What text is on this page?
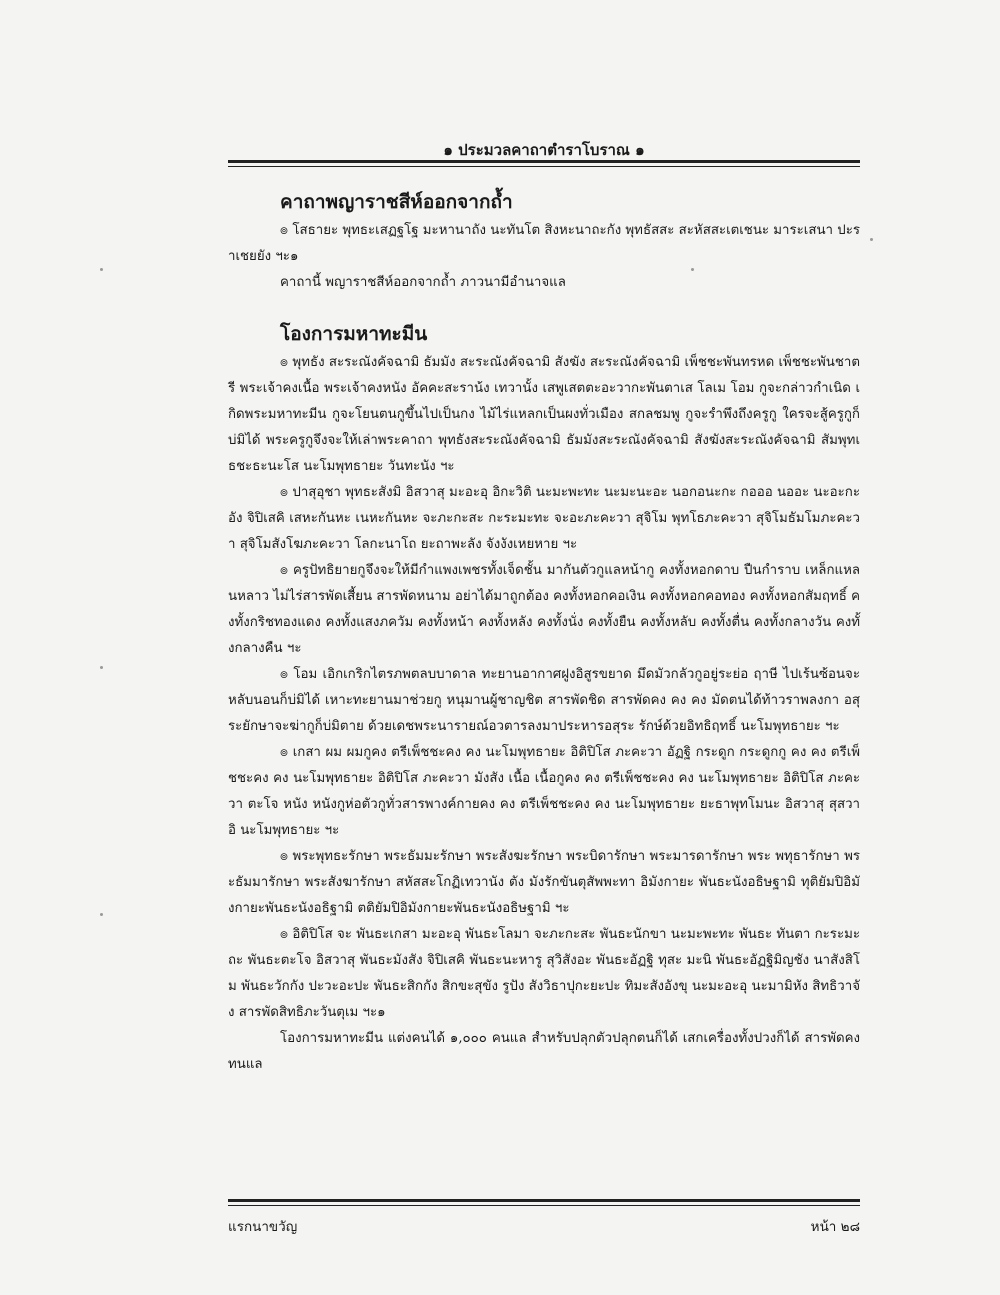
๑ ประมวลคาถาตำราโบราณ ๑
คาถาพญาราชสีห์ออกจากถ้ำ

๏ โสธายะ พุทธะเสฏฐโฐ มะหานาถัง นะทันโต สิงหะนาถะกัง พุทธัสสะ สะหัสสะเตเชนะ มาระเสนา ปะราเชยยัง ฯะ๑

คาถานี้ พญาราชสีห์ออกจากถ้ำ ภาวนามีอำนาจแล

โองการมหาทะมีน

๏ พุทธัง สะระณังคัจฉามิ ธัมมัง สะระณังคัจฉามิ สังฆัง สะระณังคัจฉามิ เพ็ชชะพันทรหด เพ็ชชะพันชาตรี พระเจ้าคงเนื้อ พระเจ้าคงหนัง อัคคะสะราน้ง เทวานั้ง เสพูเสตตะอะวากะพันตาเส โลเม โอม กูจะกล่าวกำเนิด เกิดพระมหาทะมีน กูจะโยนตนกูขึ้นไปเป็นกง ไม้ไร่แหลกเป็นผงทั่วเมือง สกลชมพู กูจะรำพึงถึงครูกู ใครจะสู้ครูกูก็บ่มิได้ พระครูกูจึงจะให้เล่าพระคาถา พุทธังสะระณังคัจฉามิ ธัมมังสะระณังคัจฉามิ สังฆังสะระณังคัจฉามิ สัมพุทเธชะธะนะโส นะโมพุทธายะ วันทะนัง ฯะ

๏ ปาสุอุชา พุทธะสังมิ อิสวาสุ มะอะอุ อิกะวิติ นะมะพะทะ นะมะนะอะ นอกอนะกะ กอออ นออะ นะอะกะอัง จิปิเสคิ เสหะกันหะ เนหะกันหะ จะภะกะสะ กะระมะทะ จะอะภะคะวา สุจิโม พุทโธภะคะวา สุจิโมธัมโมภะคะวา สุจิโมสังโฆภะคะวา โลกะนาโถ ยะถาพะลัง จังงังเหยหาย ฯะ

๏ ครูปัทธิยายกูจึงจะให้มีกำแพงเพชรทั้งเจ็ดชั้น มากันตัวกูแลหน้ากู คงทั้งหอกดาบ ปืนกำราบ เหล็กแหลนหลาว ไม่ไร่สารพัดเสี้ยน สารพัดหนาม อย่าได้มาถูกต้อง คงทั้งหอกคอเงิน คงทั้งหอกคอทอง คงทั้งหอกสัมฤทธิ์ คงทั้งกริชทองแดง คงทั้งแสงภควัม คงทั้งหน้า คงทั้งหลัง คงทั้งนั่ง คงทั้งยืน คงทั้งหลับ คงทั้งตื่น คงทั้งกลางวัน คงทั้งกลางคืน ฯะ

๏ โอม เอิกเกริกไตรภพตลบบาดาล ทะยานอากาศฝูงอิสูรขยาด มึดมัวกลัวกูอยู่ระย่อ ฤาษี ไปเร้นซ้อนจะหลับนอนก็บ่มิได้ เหาะทะยานมาช่วยกู หนุมานผู้ชาญชิต สารพัดชิด สารพัดคง คง คง มัดตนได้ท้าวราพลงกา อสุระยักษาจะฆ่ากูก็บ่มิตาย ด้วยเดชพระนารายณ์อวตารลงมาประหารอสุระ รักษ์ด้วยอิทธิฤทธิ์ นะโมพุทธายะ ฯะ

๏ เกสา ผม ผมกูคง ตรีเพ็ชชะคง คง นะโมพุทธายะ อิติปิโส ภะคะวา อัฏฐิ กระดูก กระดูกกู คง คง ตรีเพ็ชชะคง คง นะโมพุทธายะ อิติปิโส ภะคะวา มังสัง เนื้อ เนื้อกูคง คง ตรีเพ็ชชะคง คง นะโมพุทธายะ อิติปิโส ภะคะวา ตะโจ หนัง หนังกูห่อตัวกูทั่วสารพางค์กายคง คง ตรีเพ็ชชะคง คง นะโมพุทธายะ ยะธาพุทโมนะ อิสวาสุ สุสวาอิ นะโมพุทธายะ ฯะ

๏ พระพุทธะรักษา พระธัมมะรักษา พระสังฆะรักษา พระบิดารักษา พระมารดารักษา พระ พทุธารักษา พระธัมมารักษา พระสังฆารักษา สหัสสะโกฏิเทวานัง ตัง มังรักขันตุสัพพะทา อิมังกายะ พันธะนังอธิษฐามิ ทุติยัมปิอิมังกายะพันธะนังอธิฐามิ ตติยัมปิอิมังกายะพันธะนังอธิษฐามิ ฯะ

๏ อิติปิโส จะ พันธะเกสา มะอะอุ พันธะโลมา จะภะกะสะ พันธะนักขา นะมะพะทะ พันธะ ทันตา กะระมะถะ พันธะตะโจ อิสวาสุ พันธะมังสัง จิปิเสคิ พันธะนะหารู สุวิสังอะ พันธะอัฏฐิ ทุสะ มะนิ พันธะอัฏฐิมิญชัง นาสังสิโม พันธะวักกัง ปะวะอะปะ พันธะสิกกัง สิกขะสุขัง รูปัง สังวิธาปุกะยะปะ ทิมะสังอังขุ นะมะอะอุ นะมามิหัง สิทธิวาจัง สารพัดสิทธิภะวันตุเม ฯะ๑

โองการมหาทะมีน แต่งคนได้ ๑,๐๐๐ คนแล สำหรับปลุกตัวปลุกตนก็ได้ เสกเครื่องทั้งปวงก็ได้ สารพัดคงทนแล

แรกนาขวัญ	หน้า ๒๘
